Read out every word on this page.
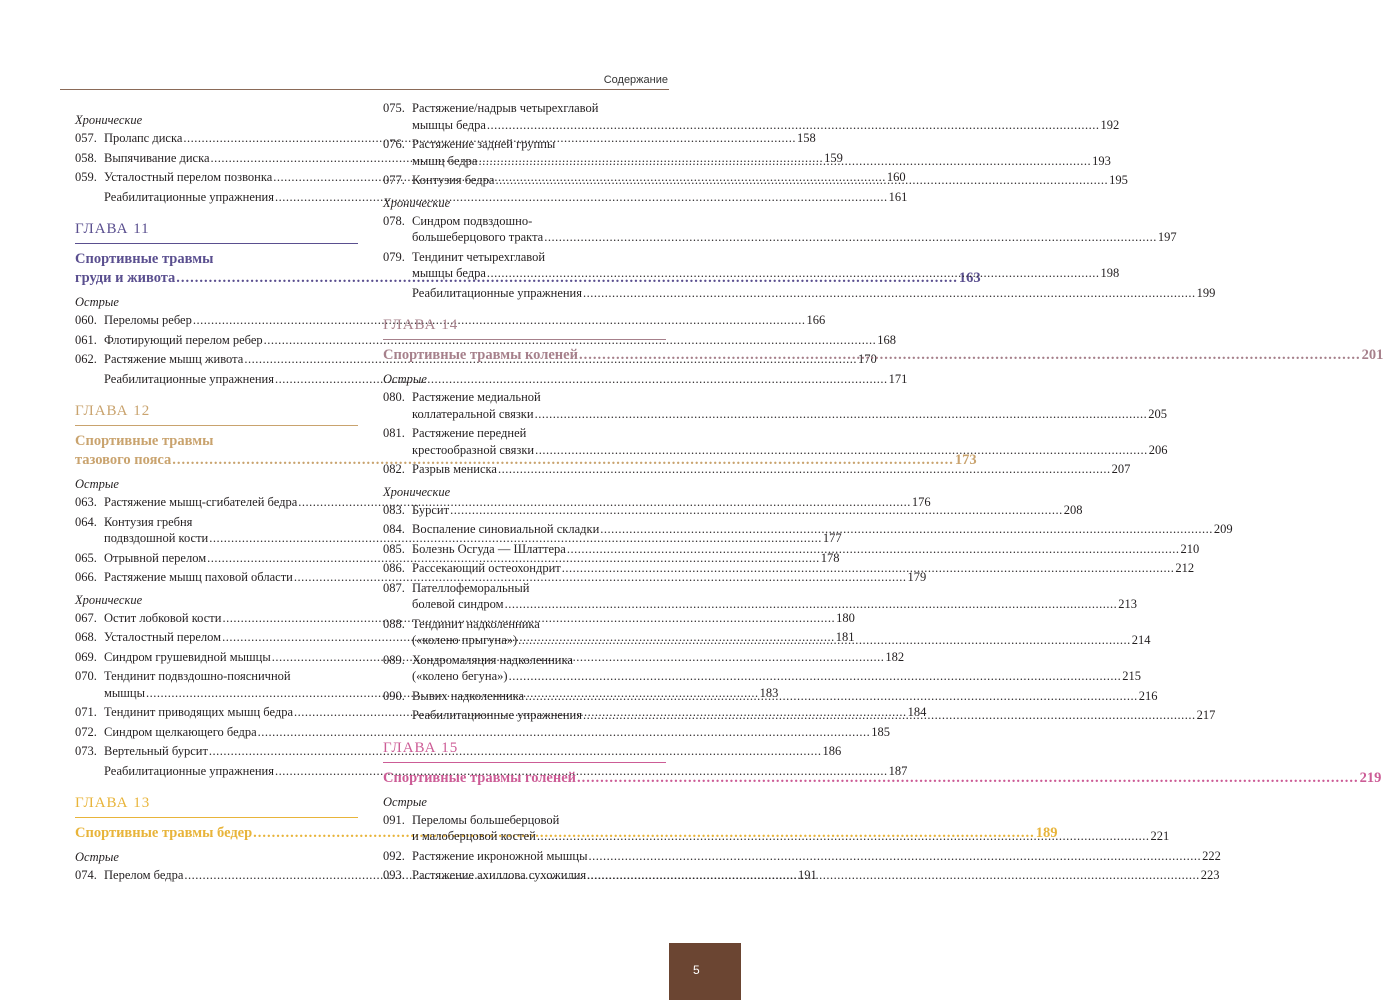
Содержание
Хронические
057. Пролапс диска .....	158
058. Выпячивание диска .....	159
059. Усталостный перелом позвонка .....	160
Реабилитационные упражнения .....	161
ГЛАВА 11
Спортивные травмы
груди и живота .....	163
Острые
060. Переломы ребер .....	166
061. Флотирующий перелом ребер .....	168
062. Растяжение мышц живота .....	170
Реабилитационные упражнения .....	171
ГЛАВА 12
Спортивные травмы
тазового пояса .....	173
Острые
063. Растяжение мышц-сгибателей бедра .....	176
064. Контузия гребня
подвздошной кости .....	177
065. Отрывной перелом .....	178
066. Растяжение мышц паховой области .....	179
Хронические
067. Остит лобковой кости .....	180
068. Усталостный перелом .....	181
069. Синдром грушевидной мышцы .....	182
070. Тендинит подвздошно-поясничной
мышцы .....	183
071. Тендинит приводящих мышц бедра .....	184
072. Синдром щелкающего бедра .....	185
073. Вертельный бурсит .....	186
Реабилитационные упражнения .....	187
ГЛАВА 13
Спортивные травмы бедер .....	189
Острые
074. Перелом бедра .....	191
075. Растяжение/надрыв четырехглавой
мышцы бедра .....	192
076. Растяжение задней группы
мышц бедра .....	193
077. Контузия бедра .....	195
Хронические
078. Синдром подвздошно-
большеберцового тракта .....	197
079. Тендинит четырехглавой
мышцы бедра .....	198
Реабилитационные упражнения .....	199
ГЛАВА 14
Спортивные травмы коленей .....	201
Острые
080. Растяжение медиальной
коллатеральной связки .....	205
081. Растяжение передней
крестообразной связки .....	206
082. Разрыв мениска .....	207
Хронические
083. Бурсит .....	208
084. Воспаление синовиальной складки .....	209
085. Болезнь Осгуда — Шлаттера .....	210
086. Рассекающий остеохондрит .....	212
087. Пателлофеморальный
болевой синдром .....	213
088. Тендинит надколенника
(«колено прыгуна») .....	214
089. Хондромаляция надколенника
(«колено бегуна») .....	215
090. Вывих надколенника .....	216
Реабилитационные упражнения .....	217
ГЛАВА 15
Спортивные травмы голеней .....	219
Острые
091. Переломы большеберцовой
и малоберцовой костей .....	221
092. Растяжение икроножной мышцы .....	222
093. Растяжение ахиллова сухожилия .....	223
5
